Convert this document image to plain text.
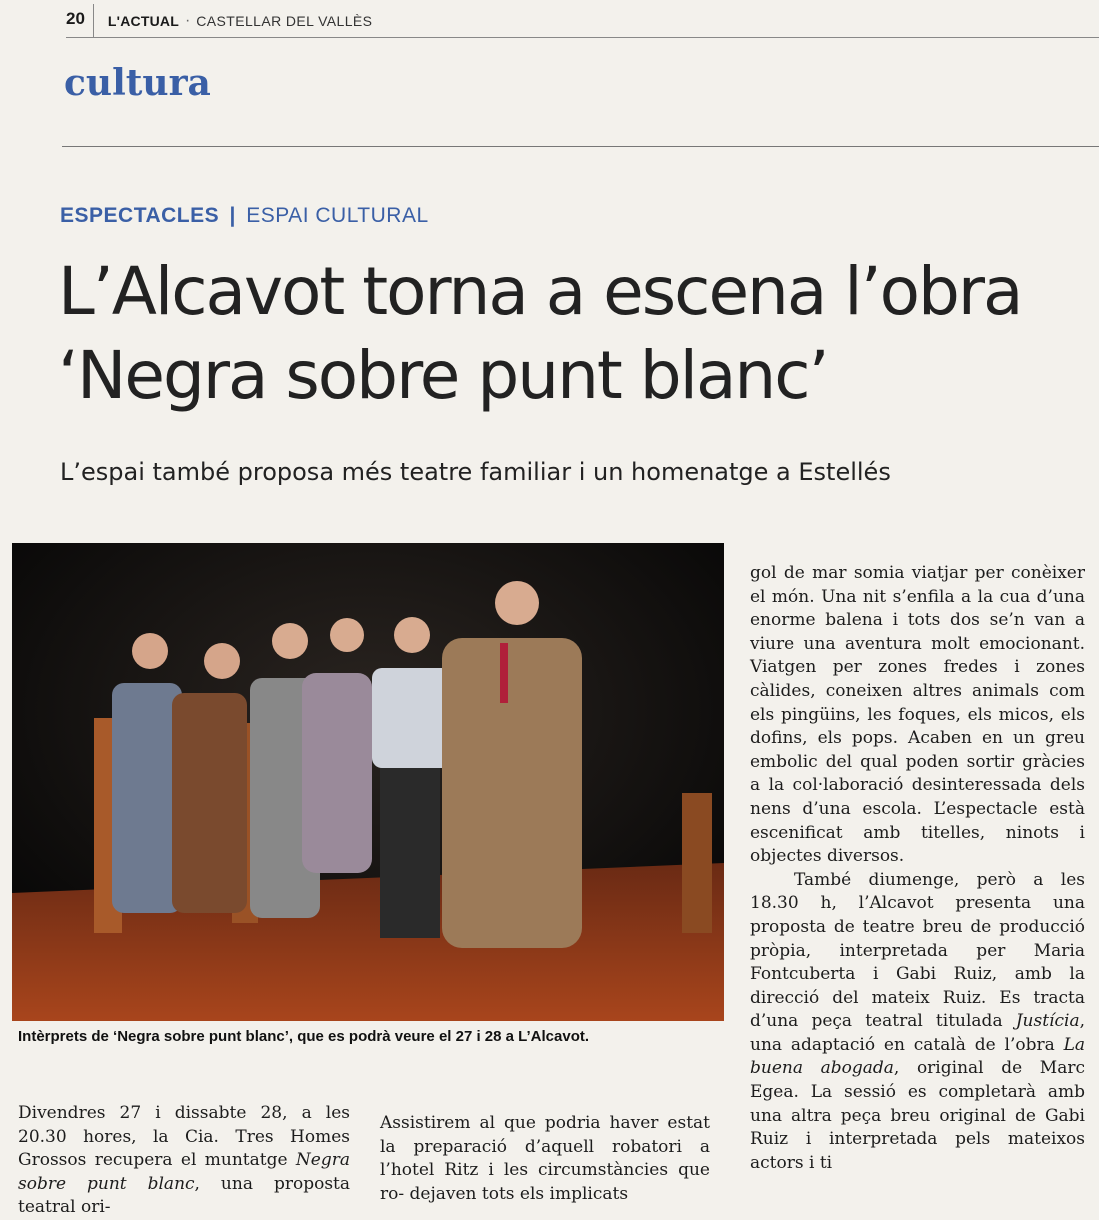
20	L'ACTUAL · CASTELLAR DEL VALLÈS
cultura
ESPECTACLES | ESPAI CULTURAL
L’Alcavot torna a escena l’obra
‘Negra sobre punt blanc’
L’espai també proposa més teatre familiar i un homenatge a Estellés
Intèrprets de ‘Negra sobre punt blanc’, que es podrà veure el 27 i 28 a L’Alcavot.

gol de mar somia viatjar per conèixer el món. Una nit s’enfila a la cua d’una enorme balena i tots dos se’n van a viure una aventura molt emocionant. Viatgen per zones fredes i zones càlides, coneixen altres animals com els pingüins, les foques, els micos, els dofins, els pops. Acaben en un greu embolic del qual poden sortir gràcies a la col·laboració desinteressada dels nens d’una escola. L’espectacle està escenificat amb titelles, ninots i objectes diversos.

També diumenge, però a les 18.30 h, l’Alcavot presenta una proposta de teatre breu de producció pròpia, interpretada per Maria Fontcuberta i Gabi Ruiz, amb la direcció del mateix Ruiz. Es tracta d’una peça teatral titulada Justícia, una adaptació en català de l’obra La buena abogada, original de Marc Egea. La sessió es completarà amb una altra peça breu original de Gabi Ruiz i interpretada pels mateixos actors i ti

Divendres 27 i dissabte 28, a les 20.30 hores, la Cia. Tres Homes Grossos recupera el muntatge Negra sobre punt blanc, una proposta teatral ori-

Assistirem al que podria haver estat la preparació d’aquell robatori a l’hotel Ritz i les circumstàncies que ro- dejaven tots els implicats
